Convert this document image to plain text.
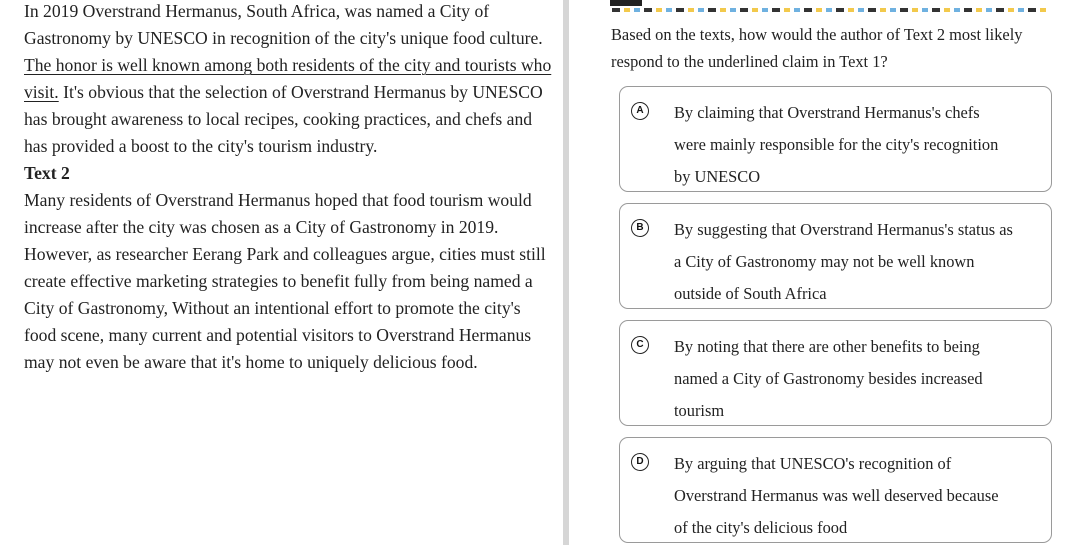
In 2019 Overstrand Hermanus, South Africa, was named a City of Gastronomy by UNESCO in recognition of the city's unique food culture. The honor is well known among both residents of the city and tourists who visit. It's obvious that the selection of Overstrand Hermanus by UNESCO has brought awareness to local recipes, cooking practices, and chefs and has provided a boost to the city's tourism industry.

Text 2

Many residents of Overstrand Hermanus hoped that food tourism would increase after the city was chosen as a City of Gastronomy in 2019. However, as researcher Eerang Park and colleagues argue, cities must still create effective marketing strategies to benefit fully from being named a City of Gastronomy, Without an intentional effort to promote the city's food scene, many current and potential visitors to Overstrand Hermanus may not even be aware that it's home to uniquely delicious food.

Based on the texts, how would the author of Text 2 most likely respond to the underlined claim in Text 1?
A	By claiming that Overstrand Hermanus's chefs
were mainly responsible for the city's recognition
by UNESCO
B	By suggesting that Overstrand Hermanus's status as
a City of Gastronomy may not be well known
outside of South Africa
C	By noting that there are other benefits to being
named a City of Gastronomy besides increased
tourism
D	By arguing that UNESCO's recognition of
Overstrand Hermanus was well deserved because
of the city's delicious food
